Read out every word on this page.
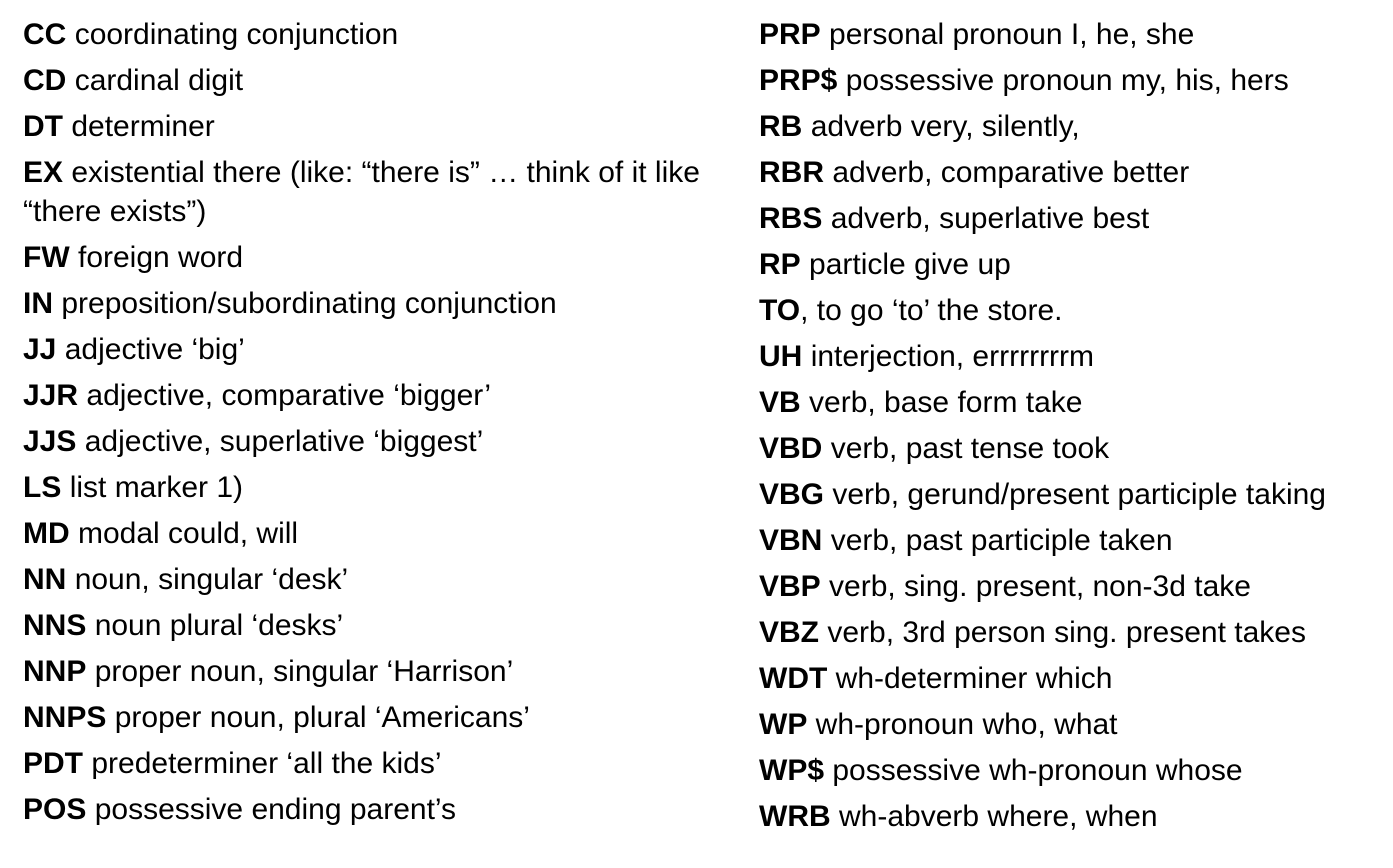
CC coordinating conjunction
CD cardinal digit
DT determiner
EX existential there (like: “there is” … think of it like “there exists”)
FW foreign word
IN preposition/subordinating conjunction
JJ adjective ‘big’
JJR adjective, comparative ‘bigger’
JJS adjective, superlative ‘biggest’
LS list marker 1)
MD modal could, will
NN noun, singular ‘desk’
NNS noun plural ‘desks’
NNP proper noun, singular ‘Harrison’
NNPS proper noun, plural ‘Americans’
PDT predeterminer ‘all the kids’
POS possessive ending parent’s
PRP personal pronoun I, he, she
PRP$ possessive pronoun my, his, hers
RB adverb very, silently,
RBR adverb, comparative better
RBS adverb, superlative best
RP particle give up
TO, to go ‘to’ the store.
UH interjection, errrrrrrrm
VB verb, base form take
VBD verb, past tense took
VBG verb, gerund/present participle taking
VBN verb, past participle taken
VBP verb, sing. present, non-3d take
VBZ verb, 3rd person sing. present takes
WDT wh-determiner which
WP wh-pronoun who, what
WP$ possessive wh-pronoun whose
WRB wh-abverb where, when
